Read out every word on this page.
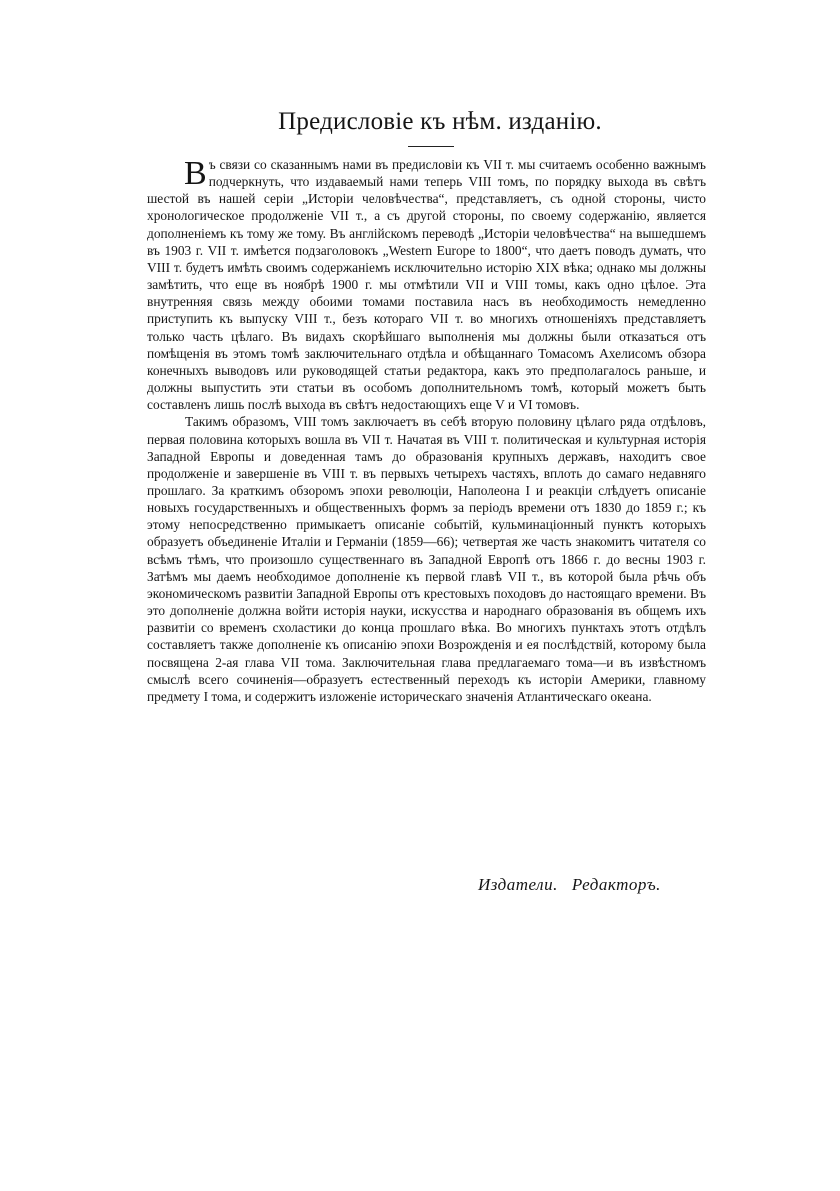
Предисловіе къ нѣм. изданію.

Въ связи со сказаннымъ нами въ предисловіи къ VII т. мы считаемъ особенно важнымъ подчеркнуть, что издаваемый нами теперь VIII томъ, по порядку выхода въ свѣтъ шестой въ нашей серіи „Исторіи человѣчества“, представляетъ, съ одной стороны, чисто хронологическое продолженіе VII т., а съ другой стороны, по своему содержанію, является дополненіемъ къ тому же тому. Въ англійскомъ переводѣ „Исторіи человѣчества“ на вышедшемъ въ 1903 г. VII т. имѣется подзаголовокъ „Western Europe to 1800“, что даетъ поводъ думать, что VIII т. будетъ имѣть своимъ содержаніемъ исключительно исторію XIX вѣка; однако мы должны замѣтить, что еще въ ноябрѣ 1900 г. мы отмѣтили VII и VIII томы, какъ одно цѣлое. Эта внутренняя связь между обоими томами поставила насъ въ необходимость немедленно приступить къ выпуску VIII т., безъ котораго VII т. во многихъ отношеніяхъ представляетъ только часть цѣлаго. Въ видахъ скорѣйшаго выполненія мы должны были отказаться отъ помѣщенія въ этомъ томѣ заключительнаго отдѣла и обѣщаннаго Томасомъ Ахелисомъ обзора конечныхъ выводовъ или руководящей статьи редактора, какъ это предполагалось раньше, и должны выпустить эти статьи въ особомъ дополнительномъ томѣ, который можетъ быть составленъ лишь послѣ выхода въ свѣтъ недостающихъ еще V и VI томовъ.

Такимъ образомъ, VIII томъ заключаетъ въ себѣ вторую половину цѣлаго ряда отдѣловъ, первая половина которыхъ вошла въ VII т. Начатая въ VIII т. политическая и культурная исторія Западной Европы и доведенная тамъ до образованія крупныхъ державъ, находитъ свое продолженіе и завершеніе въ VIII т. въ первыхъ четырехъ частяхъ, вплоть до самаго недавняго прошлаго. За краткимъ обзоромъ эпохи революціи, Наполеона I и реакціи слѣдуетъ описаніе новыхъ государственныхъ и общественныхъ формъ за періодъ времени отъ 1830 до 1859 г.; къ этому непосредственно примыкаетъ описаніе событій, кульминаціонный пунктъ которыхъ образуетъ объединеніе Италіи и Германіи (1859—66); четвертая же часть знакомитъ читателя со всѣмъ тѣмъ, что произошло существеннаго въ Западной Европѣ отъ 1866 г. до весны 1903 г. Затѣмъ мы даемъ необходимое дополненіе къ первой главѣ VII т., въ которой была рѣчь объ экономическомъ развитіи Западной Европы отъ крестовыхъ походовъ до настоящаго времени. Въ это дополненіе должна войти исторія науки, искусства и народнаго образованія въ общемъ ихъ развитіи со временъ схоластики до конца прошлаго вѣка. Во многихъ пунктахъ этотъ отдѣлъ составляетъ также дополненіе къ описанію эпохи Возрожденія и ея послѣдствій, которому была посвящена 2-ая глава VII тома. Заключительная глава предлагаемаго тома—и въ извѣстномъ смыслѣ всего сочиненія—образуетъ естественный переходъ къ исторіи Америки, главному предмету I тома, и содержитъ изложеніе историческаго значенія Атлантическаго океана.

Издатели. Редакторъ.
